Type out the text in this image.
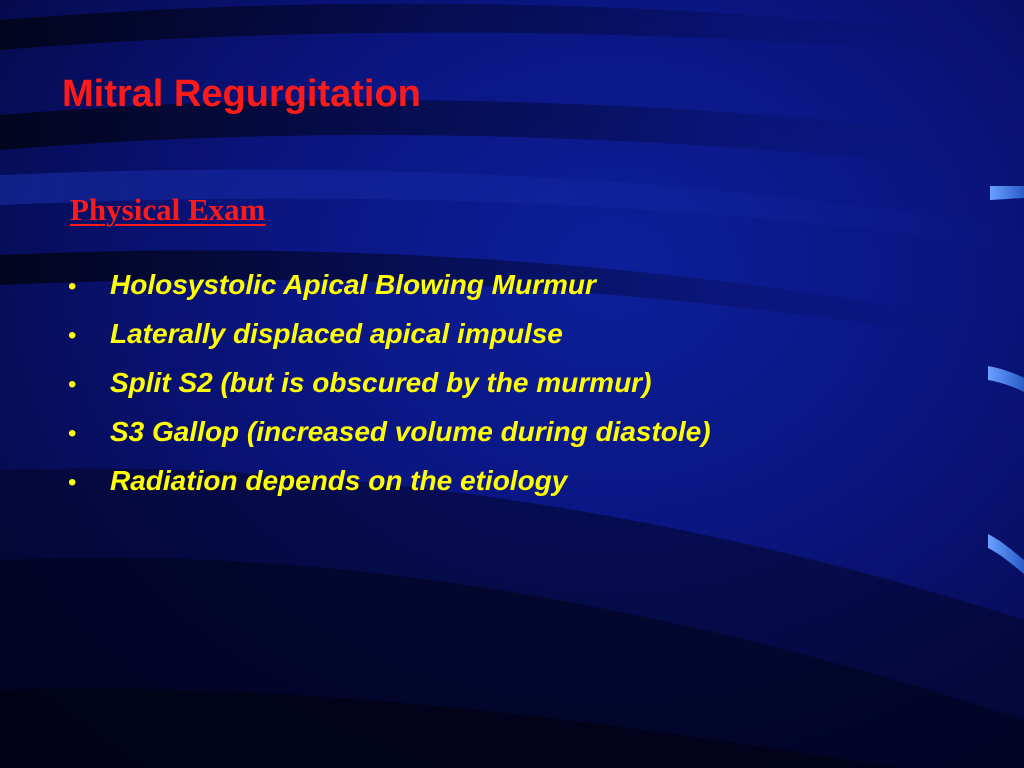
Mitral Regurgitation
Physical Exam
•	Holosystolic Apical Blowing Murmur
•	Laterally displaced apical impulse
•	Split S2 (but is obscured by the murmur)
•	S3 Gallop (increased volume during diastole)
•	Radiation depends on the etiology
